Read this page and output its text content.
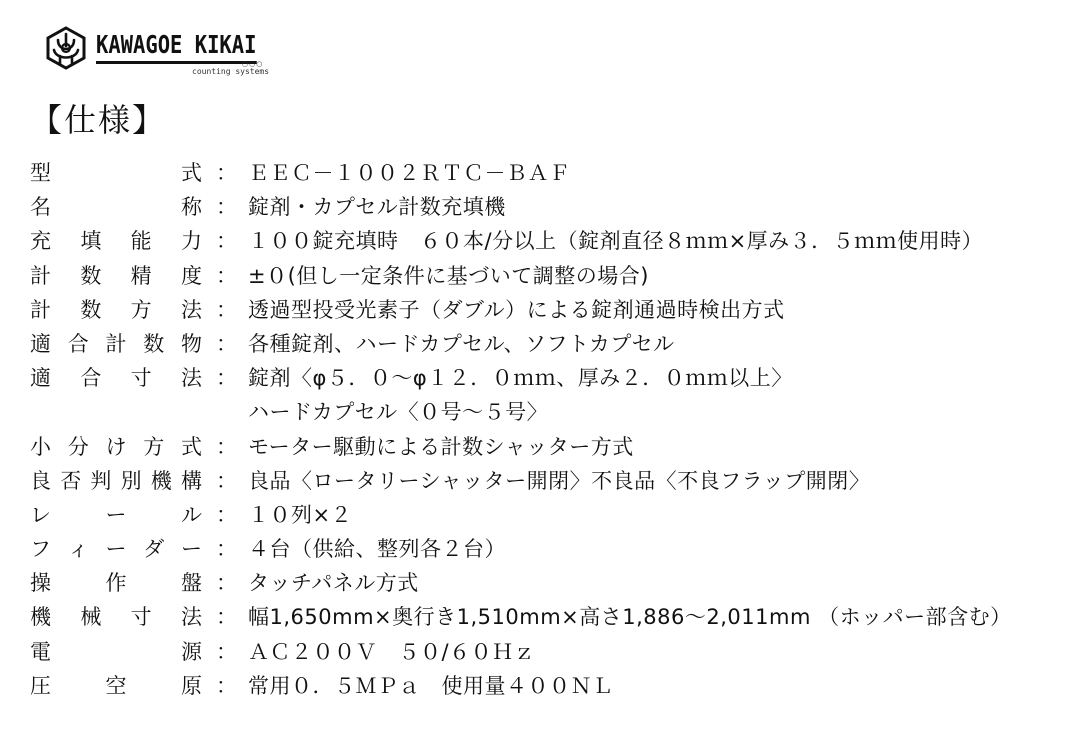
KAWAGOE KIKAI
○○○
counting systems
【仕様】
型	式 ： ＥＥＣ－１００２ＲＴＣ－ＢＡＦ
名	称 ： 錠剤・カプセル計数充填機
充 填 能 力 ： １００錠充填時　６０本/分以上（錠剤直径８ｍｍ×厚み３．５ｍｍ使用時）
計 数 精 度 ： ±０(但し一定条件に基づいて調整の場合)
計 数 方 法 ： 透過型投受光素子（ダブル）による錠剤通過時検出方式
適 合 計 数 物 ： 各種錠剤、ハードカプセル、ソフトカプセル
適 合 寸 法 ： 錠剤〈φ５．０～φ１２．０ｍｍ、厚み２．０ｍｍ以上〉
ハードカプセル〈０号～５号〉
小 分 け 方 式 ： モーター駆動による計数シャッター方式
良 否 判 別 機 構 ： 良品〈ロータリーシャッター開閉〉不良品〈不良フラップ開閉〉
レ	ー	ル ： １０列×２
フ ィ ー ダ ー ： ４台（供給、整列各２台）
操	作	盤 ： タッチパネル方式
機 械 寸 法 ： 幅1,650mm×奥行き1,510mm×高さ1,886～2,011mm （ホッパー部含む）
電	源 ： ＡＣ２００Ｖ　５０/６０Ｈｚ
圧	空	原 ： 常用０．５ＭＰａ　使用量４００ＮＬ
